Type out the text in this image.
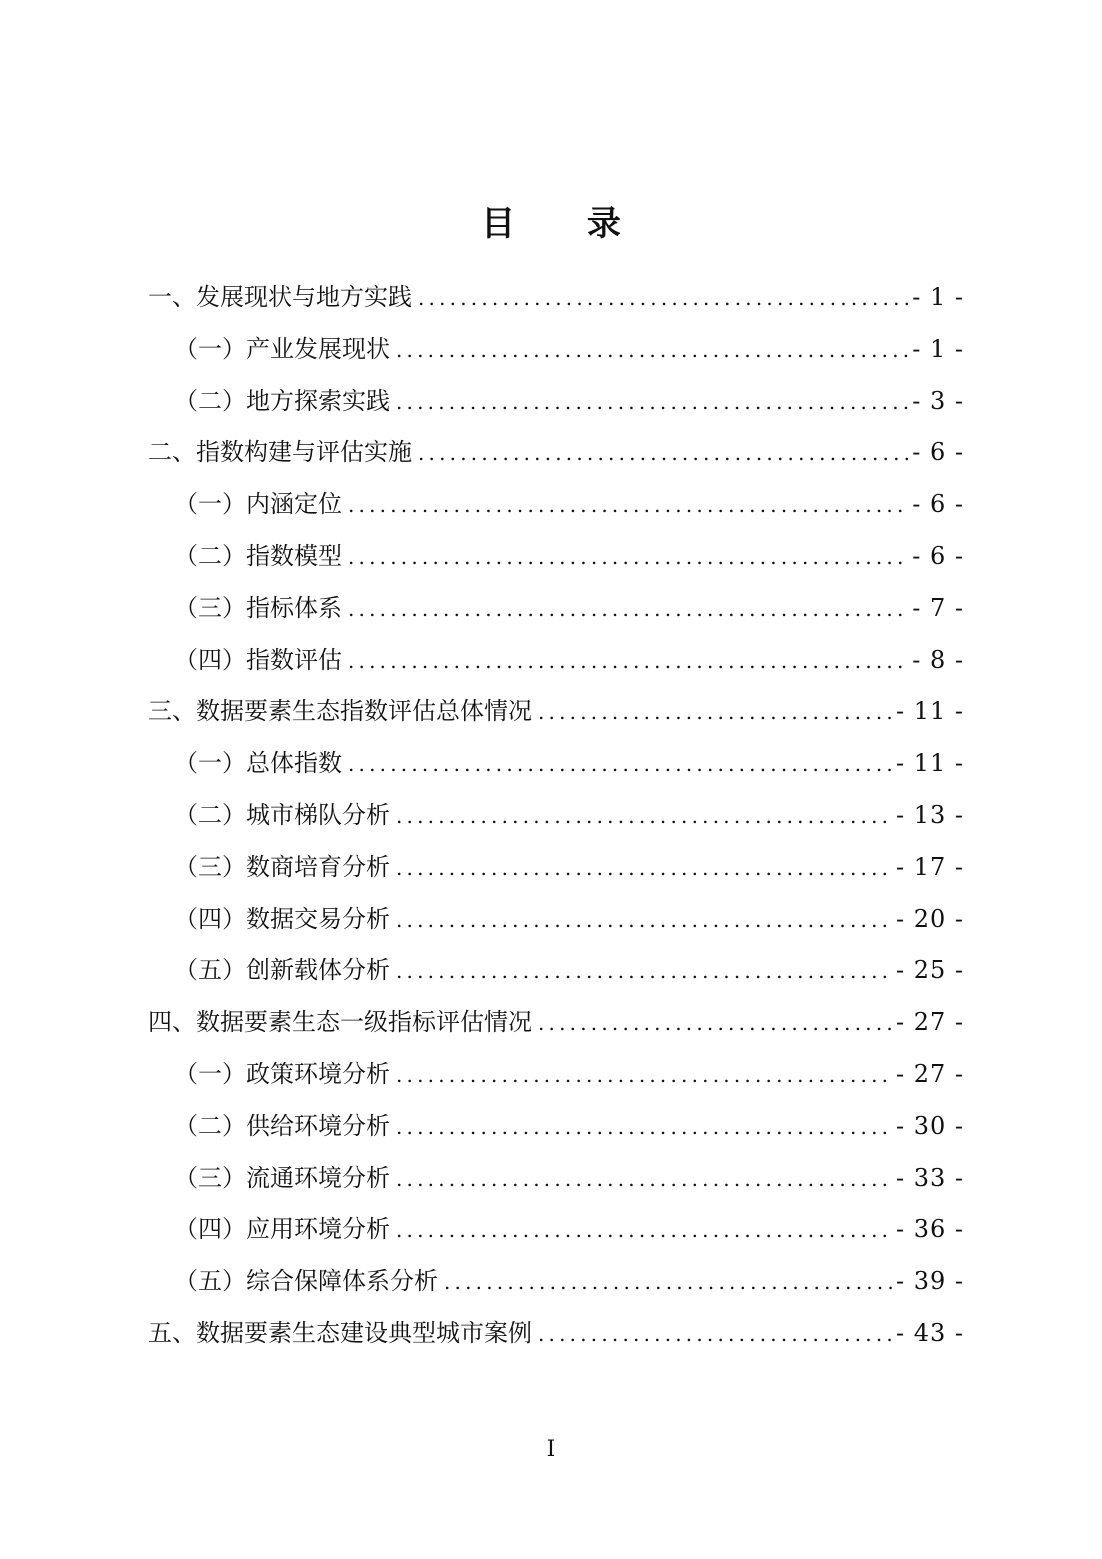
目 录
一、发展现状与地方实践 .....	- 1 -
（一）产业发展现状 .....	- 1 -
（二）地方探索实践 .....	- 3 -
二、指数构建与评估实施 .....	- 6 -
（一）内涵定位 .....	- 6 -
（二）指数模型 .....	- 6 -
（三）指标体系 .....	- 7 -
（四）指数评估 .....	- 8 -
三、数据要素生态指数评估总体情况 .....	- 11 -
（一）总体指数 .....	- 11 -
（二）城市梯队分析 .....	- 13 -
（三）数商培育分析 .....	- 17 -
（四）数据交易分析 .....	- 20 -
（五）创新载体分析 .....	- 25 -
四、数据要素生态一级指标评估情况 .....	- 27 -
（一）政策环境分析 .....	- 27 -
（二）供给环境分析 .....	- 30 -
（三）流通环境分析 .....	- 33 -
（四）应用环境分析 .....	- 36 -
（五）综合保障体系分析 .....	- 39 -
五、数据要素生态建设典型城市案例 .....	- 43 -
I
